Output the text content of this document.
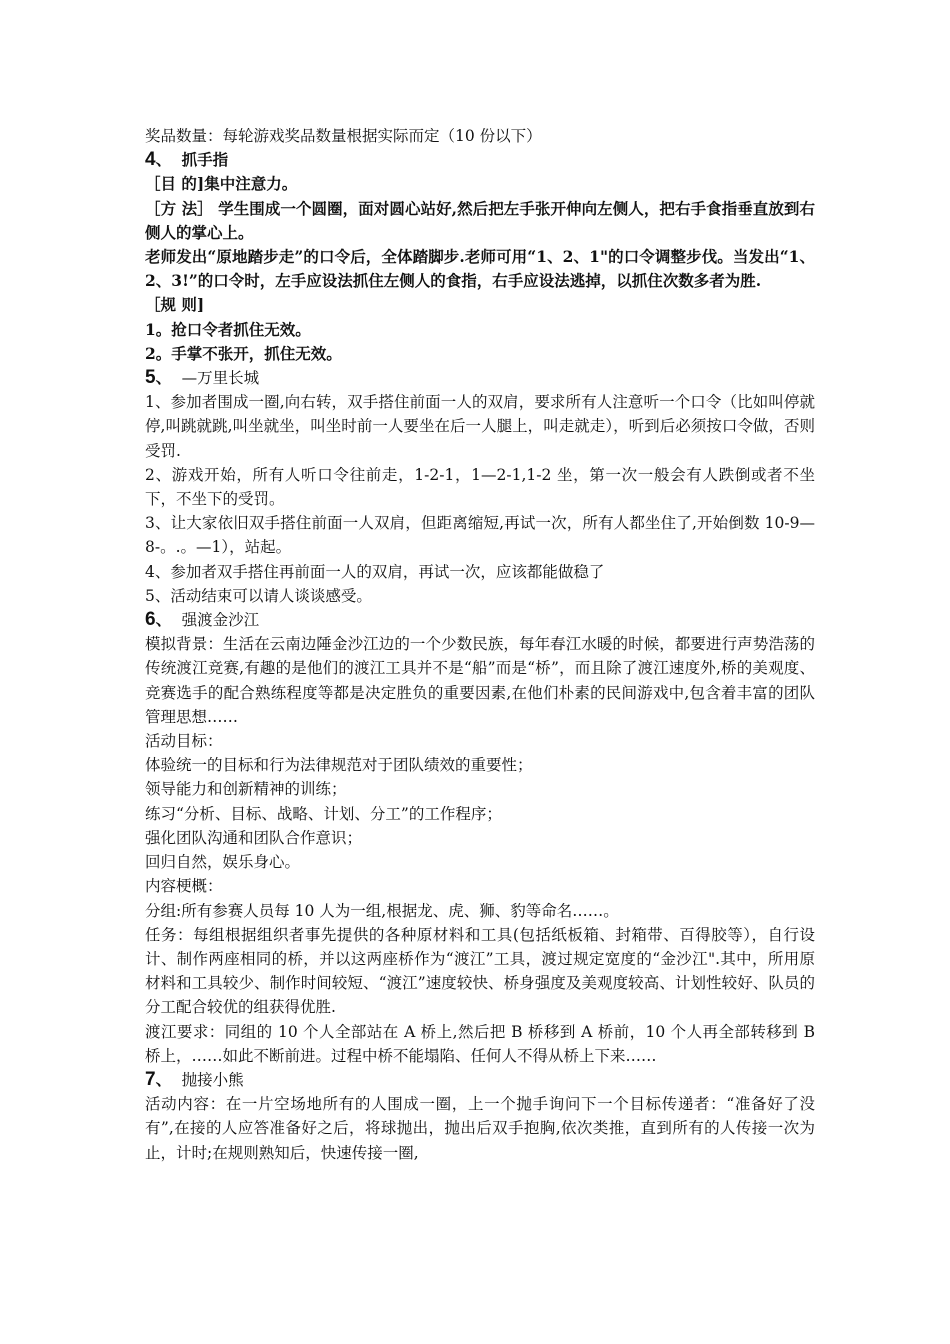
奖品数量：每轮游戏奖品数量根据实际而定（10 份以下）

4 、 抓手指

［目 的]集中注意力。

［方 法］ 学生围成一个圆圈，面对圆心站好,然后把左手张开伸向左侧人，把右手食指垂直放到右侧人的掌心上。

老师发出“原地踏步走”的口令后，全体踏脚步.老师可用“1、2、1"的口令调整步伐。当发出“1、2、3!”的口令时，左手应设法抓住左侧人的食指，右手应设法逃掉，以抓住次数多者为胜.

［规 则]

1。抢口令者抓住无效。

2。手掌不张开，抓住无效。

5 、 —万里长城

1、参加者围成一圈,向右转，双手搭住前面一人的双肩，要求所有人注意听一个口令（比如叫停就停,叫跳就跳,叫坐就坐，叫坐时前一人要坐在后一人腿上，叫走就走），听到后必须按口令做，否则受罚.

2、游戏开始，所有人听口令往前走，1-2-1，1—2-1,1-2 坐，第一次一般会有人跌倒或者不坐下，不坐下的受罚。

3、让大家依旧双手搭住前面一人双肩，但距离缩短,再试一次，所有人都坐住了,开始倒数 10-9—8-。.。—1），站起。

4、参加者双手搭住再前面一人的双肩，再试一次，应该都能做稳了

5、活动结束可以请人谈谈感受。

6 、 强渡金沙江

模拟背景：生活在云南边陲金沙江边的一个少数民族，每年春江水暖的时候，都要进行声势浩荡的传统渡江竞赛,有趣的是他们的渡江工具并不是“船”而是“桥”，而且除了渡江速度外,桥的美观度、竞赛选手的配合熟练程度等都是决定胜负的重要因素,在他们朴素的民间游戏中,包含着丰富的团队管理思想……

活动目标：

体验统一的目标和行为法律规范对于团队绩效的重要性；

领导能力和创新精神的训练；

练习“分析、目标、战略、计划、分工”的工作程序；

强化团队沟通和团队合作意识；

回归自然，娱乐身心。

内容梗概：

分组:所有参赛人员每 10 人为一组,根据龙、虎、狮、豹等命名……。

任务：每组根据组织者事先提供的各种原材料和工具(包括纸板箱、封箱带、百得胶等），自行设计、制作两座相同的桥，并以这两座桥作为“渡江”工具，渡过规定宽度的“金沙江".其中，所用原材料和工具较少、制作时间较短、“渡江”速度较快、桥身强度及美观度较高、计划性较好、队员的分工配合较优的组获得优胜.

渡江要求：同组的 10 个人全部站在 A 桥上,然后把 B 桥移到 A 桥前，10 个人再全部转移到 B 桥上，……如此不断前进。过程中桥不能塌陷、任何人不得从桥上下来……

7 、 抛接小熊

活动内容：在一片空场地所有的人围成一圈，上一个抛手询问下一个目标传递者：“准备好了没有”,在接的人应答准备好之后，将球抛出，抛出后双手抱胸,依次类推，直到所有的人传接一次为止，计时;在规则熟知后，快速传接一圈,
